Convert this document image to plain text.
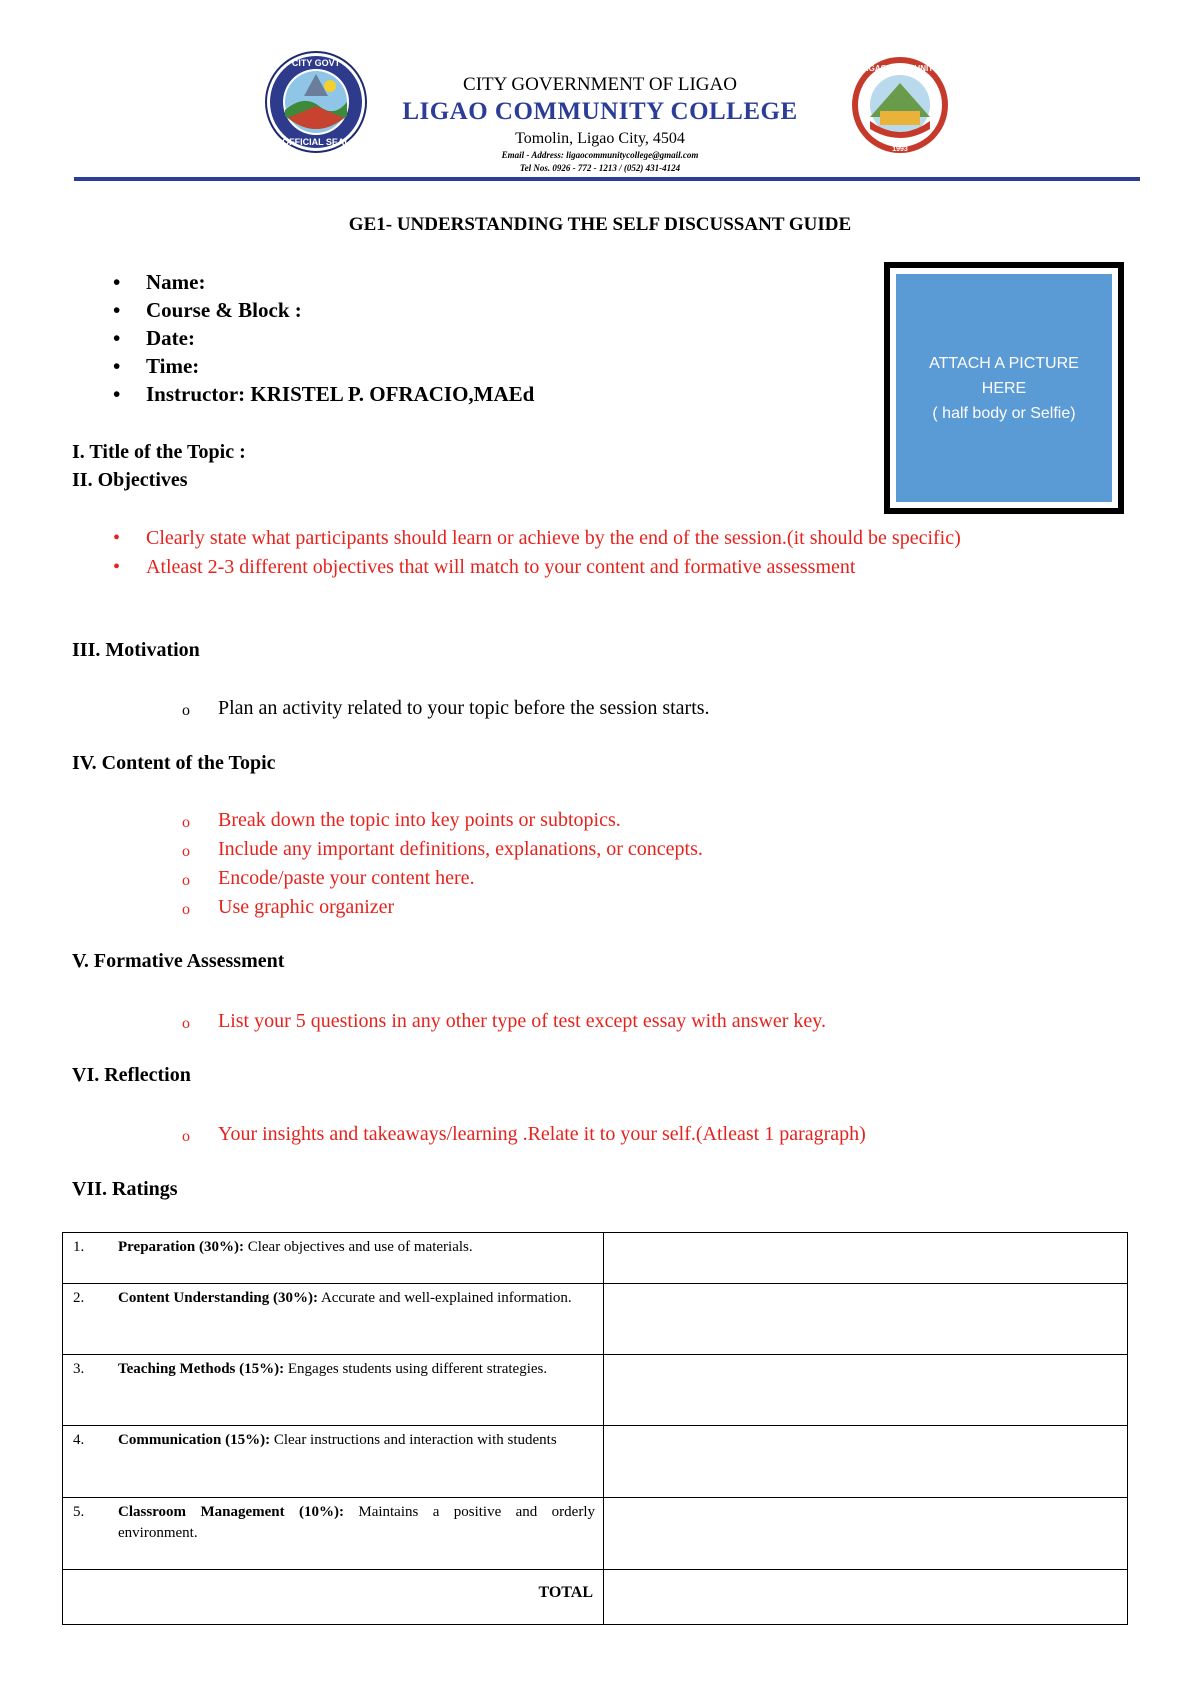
CITY GOVT
OFFICIAL SEAL
LIGAO COMMUNITY
1993
CITY GOVERNMENT OF LIGAO
LIGAO COMMUNITY COLLEGE
Tomolin, Ligao City, 4504
Email - Address: ligaocommunitycollege@gmail.com
Tel Nos. 0926 - 772 - 1213 / (052) 431-4124
GE1- UNDERSTANDING THE SELF DISCUSSANT GUIDE
• Name:
• Course & Block :
• Date:
• Time:
• Instructor: KRISTEL P. OFRACIO,MAEd
ATTACH A PICTURE
HERE
( half body or Selfie)
I. Title of the Topic :
II. Objectives
• Clearly state what participants should learn or achieve by the end of the session.(it should be specific)
• Atleast 2-3 different objectives that will match to your content and formative assessment
III. Motivation
o Plan an activity related to your topic before the session starts.
IV. Content of the Topic
o Break down the topic into key points or subtopics.
o Include any important definitions, explanations, or concepts.
o Encode/paste your content here.
o Use graphic organizer
V. Formative Assessment
o List your 5 questions in any other type of test except essay with answer key.
VI. Reflection
o Your insights and takeaways/learning .Relate it to your self.(Atleast 1 paragraph)
VII. Ratings
1. Preparation (30%): Clear objectives and use of materials.	

2. Content Understanding (30%): Accurate and well-explained information.	

3. Teaching Methods (15%): Engages students using different strategies.	

4. Communication (15%): Clear instructions and interaction with students	

5. Classroom Management (10%): Maintains a positive and orderly environment.	

TOTAL	
